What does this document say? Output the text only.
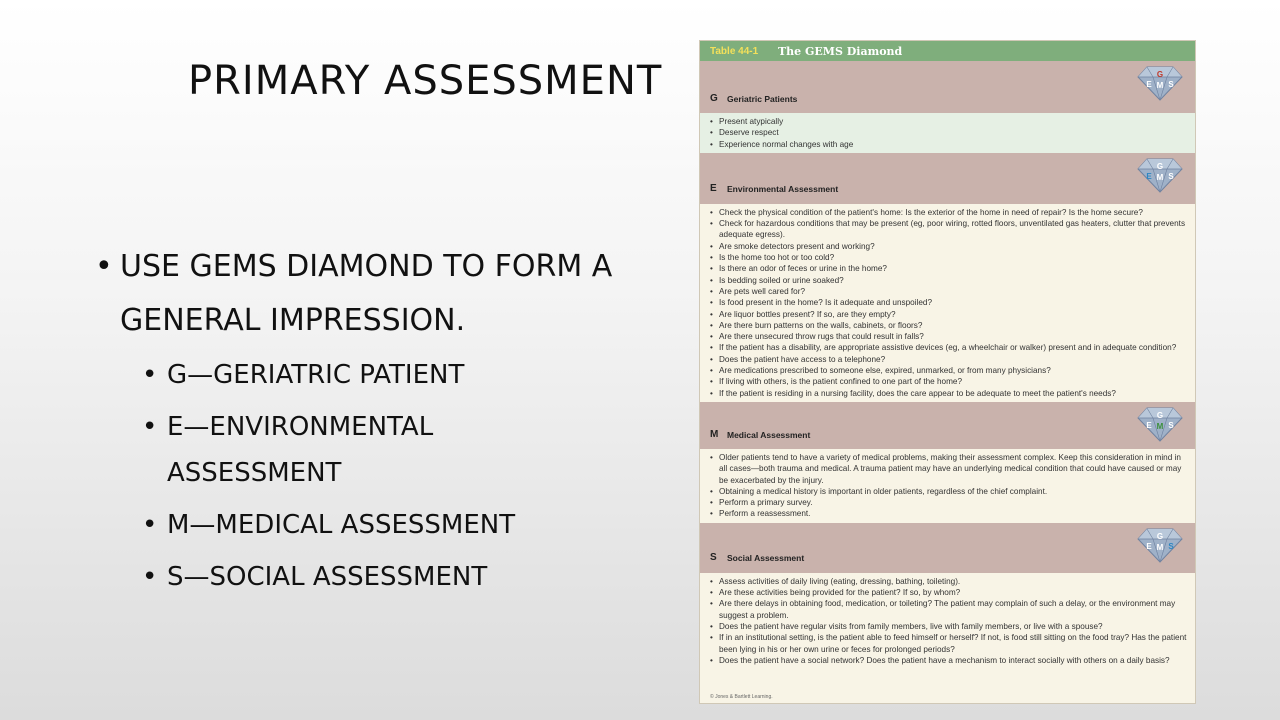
PRIMARY ASSESSMENT
• USE GEMS DIAMOND TO FORM A GENERAL IMPRESSION.
• G—GERIATRIC PATIENT
• E—ENVIRONMENTAL ASSESSMENT
• M—MEDICAL ASSESSMENT
• S—SOCIAL ASSESSMENT
Table 44-1	The GEMS Diamond
G Geriatric Patients
G
E M S
• Present atypically
• Deserve respect
• Experience normal changes with age
E Environmental Assessment
G
E M S
• Check the physical condition of the patient's home: Is the exterior of the home in need of repair? Is the home secure?
• Check for hazardous conditions that may be present (eg, poor wiring, rotted floors, unventilated gas heaters, clutter that prevents adequate egress).
• Are smoke detectors present and working?
• Is the home too hot or too cold?
• Is there an odor of feces or urine in the home?
• Is bedding soiled or urine soaked?
• Are pets well cared for?
• Is food present in the home? Is it adequate and unspoiled?
• Are liquor bottles present? If so, are they empty?
• Are there burn patterns on the walls, cabinets, or floors?
• Are there unsecured throw rugs that could result in falls?
• If the patient has a disability, are appropriate assistive devices (eg, a wheelchair or walker) present and in adequate condition?
• Does the patient have access to a telephone?
• Are medications prescribed to someone else, expired, unmarked, or from many physicians?
• If living with others, is the patient confined to one part of the home?
• If the patient is residing in a nursing facility, does the care appear to be adequate to meet the patient's needs?
M Medical Assessment
G
E M S
• Older patients tend to have a variety of medical problems, making their assessment complex. Keep this consideration in mind in all cases—both trauma and medical. A trauma patient may have an underlying medical condition that could have caused or may be exacerbated by the injury.
• Obtaining a medical history is important in older patients, regardless of the chief complaint.
• Perform a primary survey.
• Perform a reassessment.
S Social Assessment
G
E M S
• Assess activities of daily living (eating, dressing, bathing, toileting).
• Are these activities being provided for the patient? If so, by whom?
• Are there delays in obtaining food, medication, or toileting? The patient may complain of such a delay, or the environment may suggest a problem.
• Does the patient have regular visits from family members, live with family members, or live with a spouse?
• If in an institutional setting, is the patient able to feed himself or herself? If not, is food still sitting on the food tray? Has the patient been lying in his or her own urine or feces for prolonged periods?
• Does the patient have a social network? Does the patient have a mechanism to interact socially with others on a daily basis?
© Jones & Bartlett Learning.
